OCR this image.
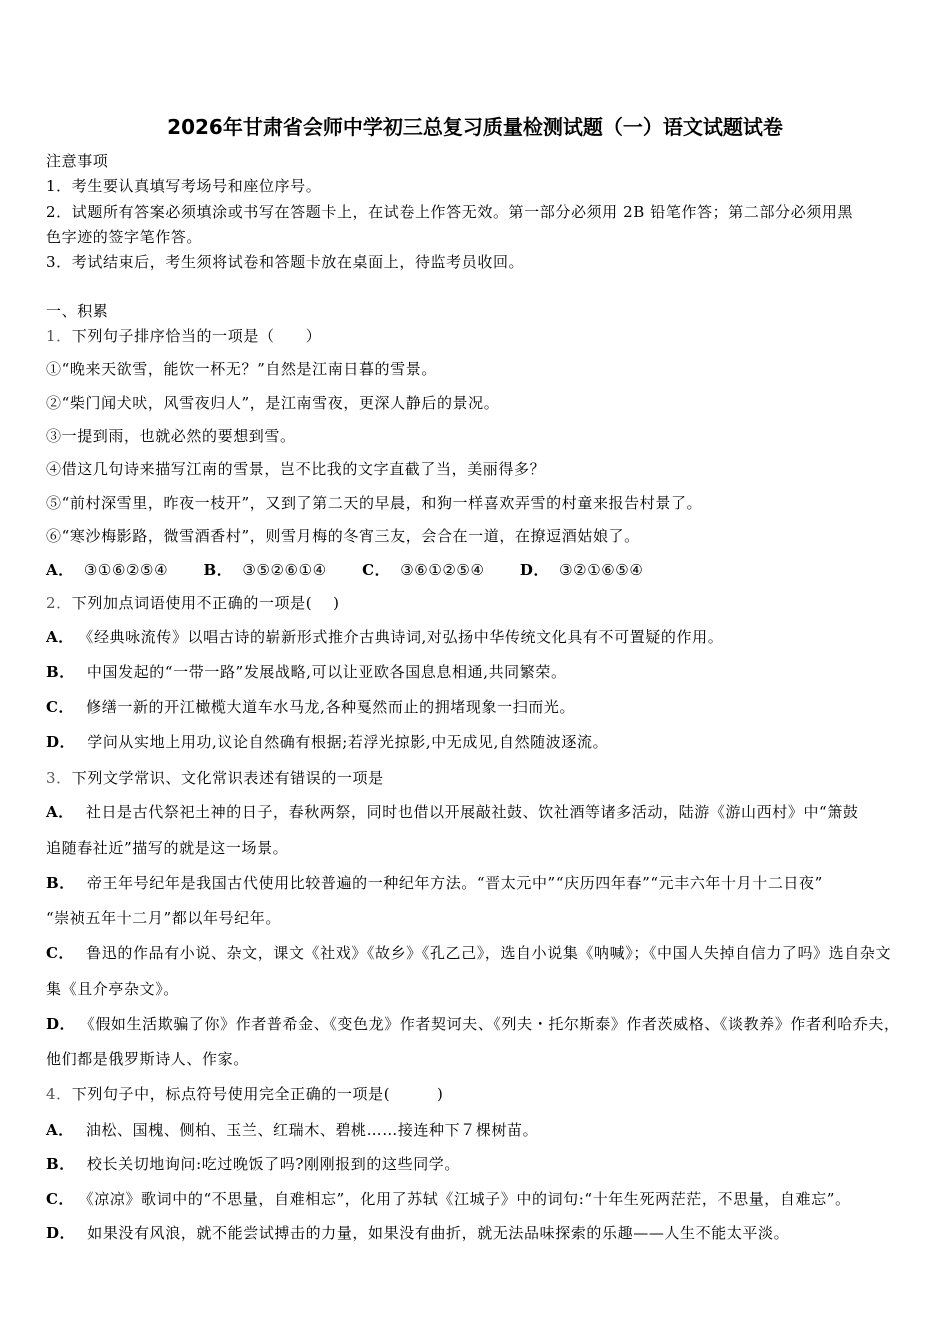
2026年甘肃省会师中学初三总复习质量检测试题（一）语文试题试卷
注意事项
1．考生要认真填写考场号和座位序号。
2．试题所有答案必须填涂或书写在答题卡上，在试卷上作答无效。第一部分必须用 2B 铅笔作答；第二部分必须用黑
色字迹的签字笔作答。
3．考试结束后，考生须将试卷和答题卡放在桌面上，待监考员收回。
一、积累
1．下列句子排序恰当的一项是（　　）
①“晚来天欲雪，能饮一杯无？”自然是江南日暮的雪景。
②“柴门闻犬吠，风雪夜归人”，是江南雪夜，更深人静后的景况。
③一提到雨，也就必然的要想到雪。
④借这几句诗来描写江南的雪景，岂不比我的文字直截了当，美丽得多？
⑤“前村深雪里，昨夜一枝开”，又到了第二天的早晨，和狗一样喜欢弄雪的村童来报告村景了。
⑥“寒沙梅影路，微雪酒香村”，则雪月梅的冬宵三友，会合在一道，在撩逗酒姑娘了。
A． ③①⑥②⑤④ B． ③⑤②⑥①④ C． ③⑥①②⑤④ D． ③②①⑥⑤④
2．下列加点词语使用不正确的一项是(　 )
A． 《经典咏流传》以唱古诗的崭新形式推介古典诗词,对弘扬中华传统文化具有不可置疑的作用。
B． 中国发起的“一带一路”发展战略,可以让亚欧各国息息相通,共同繁荣。
C． 修缮一新的开江橄榄大道车水马龙,各种戛然而止的拥堵现象一扫而光。
D． 学问从实地上用功,议论自然确有根据;若浮光掠影,中无成见,自然随波逐流。
3．下列文学常识、文化常识表述有错误的一项是
A． 社日是古代祭祀土神的日子，春秋两祭，同时也借以开展敲社鼓、饮社酒等诸多活动，陆游《游山西村》中“箫鼓
追随春社近”描写的就是这一场景。
B． 帝王年号纪年是我国古代使用比较普遍的一种纪年方法。“晋太元中”“庆历四年春”“元丰六年十月十二日夜”
“崇祯五年十二月”都以年号纪年。
C． 鲁迅的作品有小说、杂文，课文《社戏》《故乡》《孔乙己》，选自小说集《呐喊》；《中国人失掉自信力了吗》选自杂文
集《且介亭杂文》。
D． 《假如生活欺骗了你》作者普希金、《变色龙》作者契诃夫、《列夫・托尔斯泰》作者茨威格、《谈教养》作者利哈乔夫，
他们都是俄罗斯诗人、作家。
4．下列句子中，标点符号使用完全正确的一项是(　　　)
A． 油松、国槐、侧柏、玉兰、红瑞木、碧桃……接连种下７棵树苗。
B． 校长关切地询问:吃过晚饭了吗?刚刚报到的这些同学。
C． 《凉凉》歌词中的“不思量，自难相忘”，化用了苏轼《江城子》中的词句:“十年生死两茫茫，不思量，自难忘”。
D． 如果没有风浪，就不能尝试搏击的力量，如果没有曲折，就无法品味探索的乐趣——人生不能太平淡。
